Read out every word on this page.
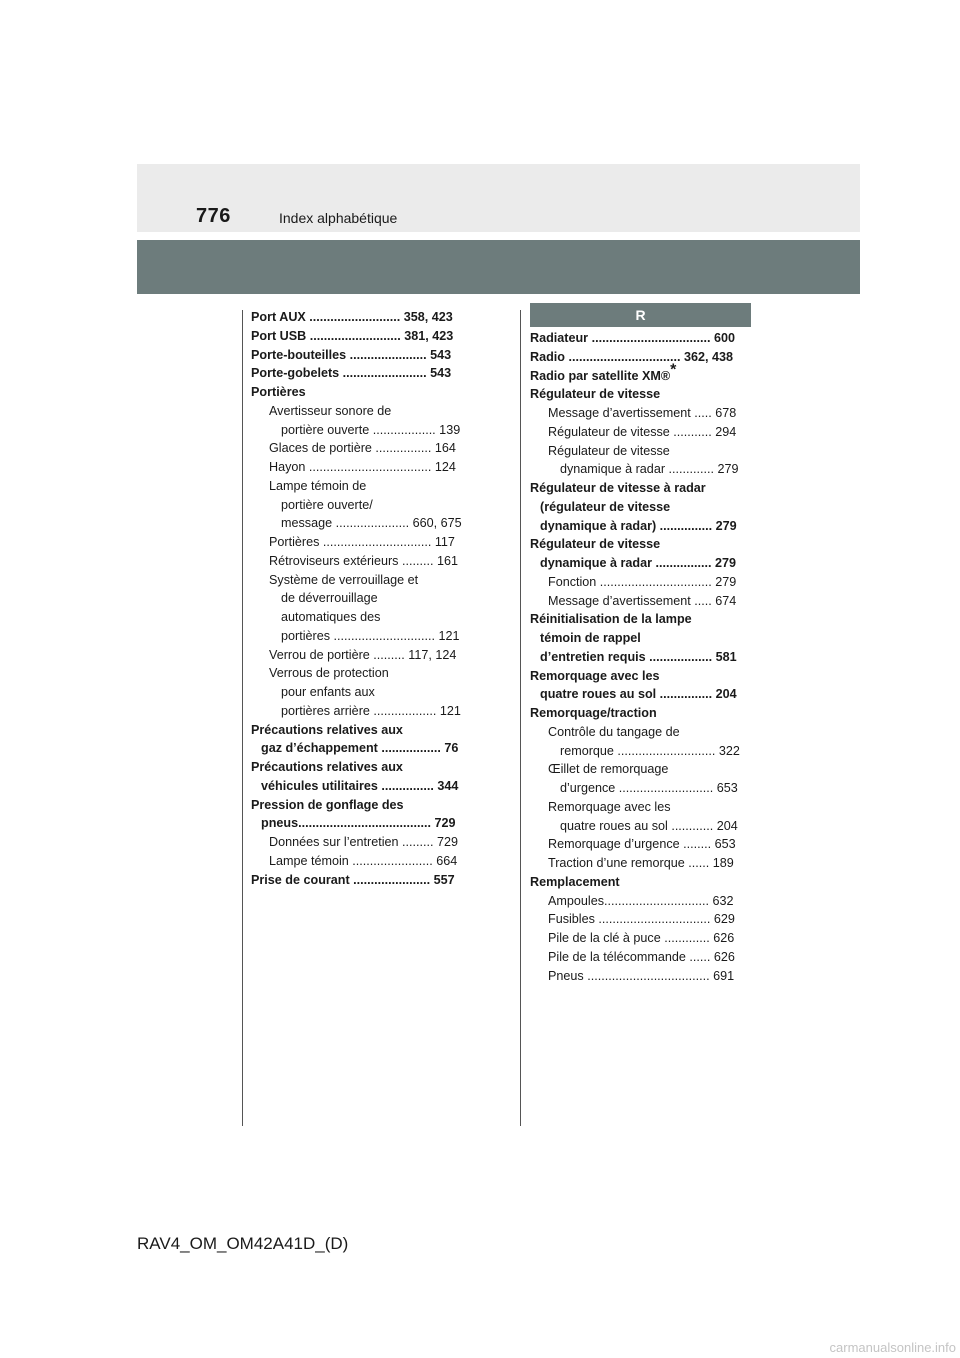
776	Index alphabétique
Port AUX .......................... 358, 423
Port USB .......................... 381, 423
Porte-bouteilles ...................... 543
Porte-gobelets ........................ 543
Portières
Avertisseur sonore de
portière ouverte .................. 139
Glaces de portière ................ 164
Hayon ................................... 124
Lampe témoin de
portière ouverte/
message ..................... 660, 675
Portières ............................... 117
Rétroviseurs extérieurs ......... 161
Système de verrouillage et
de déverrouillage
automatiques des
portières ............................. 121
Verrou de portière ......... 117, 124
Verrous de protection
pour enfants aux
portières arrière .................. 121
Précautions relatives aux
gaz d’échappement ................. 76
Précautions relatives aux
véhicules utilitaires ............... 344
Pression de gonflage des
pneus...................................... 729
Données sur l’entretien ......... 729
Lampe témoin ....................... 664
Prise de courant ...................... 557
R
Radiateur .................................. 600
Radio ................................ 362, 438
Radio par satellite XM®*
Régulateur de vitesse
Message d’avertissement ..... 678
Régulateur de vitesse ........... 294
Régulateur de vitesse
dynamique à radar ............. 279
Régulateur de vitesse à radar
(régulateur de vitesse
dynamique à radar) ............... 279
Régulateur de vitesse
dynamique à radar ................ 279
Fonction ................................ 279
Message d’avertissement ..... 674
Réinitialisation de la lampe
témoin de rappel
d’entretien requis .................. 581
Remorquage avec les
quatre roues au sol ............... 204
Remorquage/traction
Contrôle du tangage de
remorque ............................ 322
Œillet de remorquage
d’urgence ........................... 653
Remorquage avec les
quatre roues au sol ............ 204
Remorquage d’urgence ........ 653
Traction d’une remorque ...... 189
Remplacement
Ampoules.............................. 632
Fusibles ................................ 629
Pile de la clé à puce ............. 626
Pile de la télécommande ...... 626
Pneus ................................... 691
RAV4_OM_OM42A41D_(D)
carmanualsonline.info
